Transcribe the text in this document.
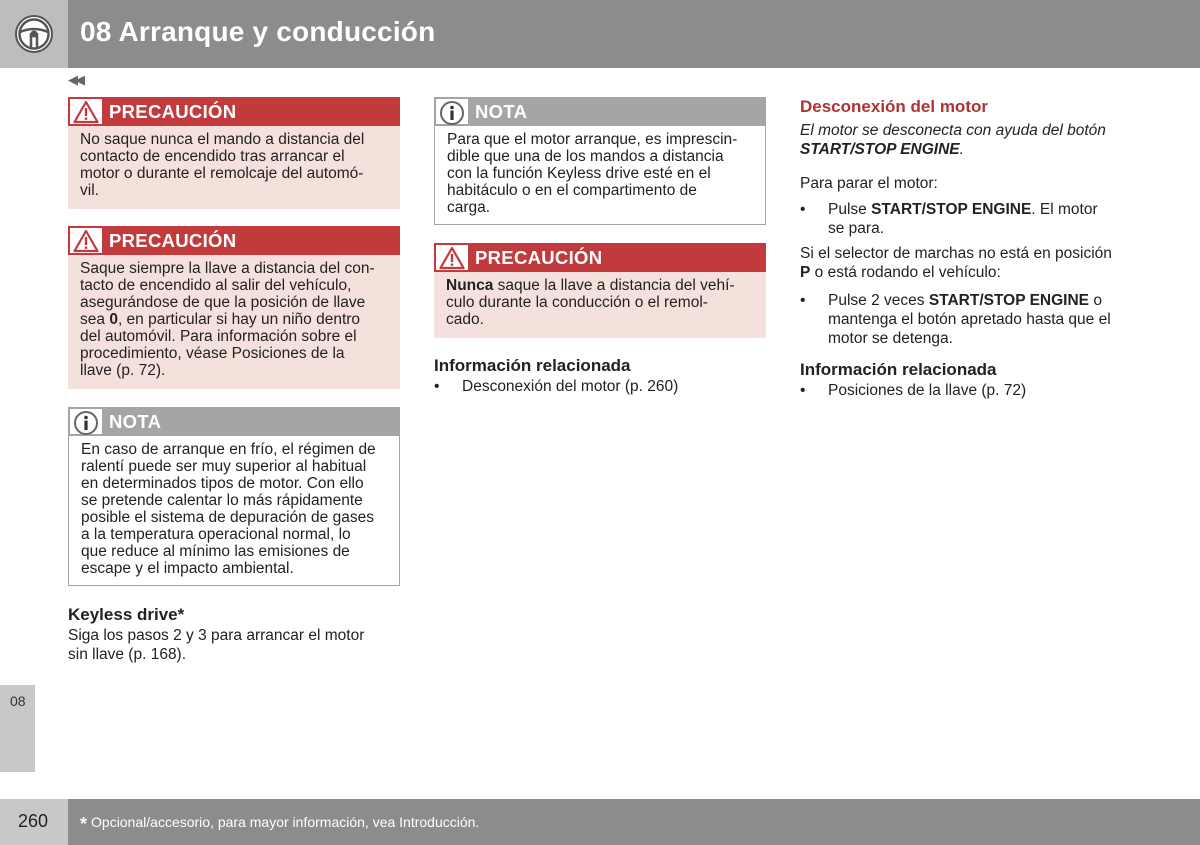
08 Arranque y conducción
◀◀
PRECAUCIÓN
No saque nunca el mando a distancia del
contacto de encendido tras arrancar el
motor o durante el remolcaje del automó-
vil.
PRECAUCIÓN
Saque siempre la llave a distancia del con-
tacto de encendido al salir del vehículo,
asegurándose de que la posición de llave
sea 0, en particular si hay un niño dentro
del automóvil. Para información sobre el
procedimiento, véase Posiciones de la
llave (p. 72).
NOTA
En caso de arranque en frío, el régimen de
ralentí puede ser muy superior al habitual
en determinados tipos de motor. Con ello
se pretende calentar lo más rápidamente
posible el sistema de depuración de gases
a la temperatura operacional normal, lo
que reduce al mínimo las emisiones de
escape y el impacto ambiental.
Keyless drive*
Siga los pasos 2 y 3 para arrancar el motor
sin llave (p. 168).
NOTA
Para que el motor arranque, es imprescin-
dible que una de los mandos a distancia
con la función Keyless drive esté en el
habitáculo o en el compartimento de
carga.
PRECAUCIÓN
Nunca saque la llave a distancia del vehí-
culo durante la conducción o el remol-
cado.
Información relacionada
• Desconexión del motor (p. 260)
Desconexión del motor
El motor se desconecta con ayuda del botón
START/STOP ENGINE.
Para parar el motor:
• Pulse START/STOP ENGINE. El motor
se para.
Si el selector de marchas no está en posición
P o está rodando el vehículo:
• Pulse 2 veces START/STOP ENGINE o
mantenga el botón apretado hasta que el
motor se detenga.
Información relacionada
• Posiciones de la llave (p. 72)
08
260 * Opcional/accesorio, para mayor información, vea Introducción.
